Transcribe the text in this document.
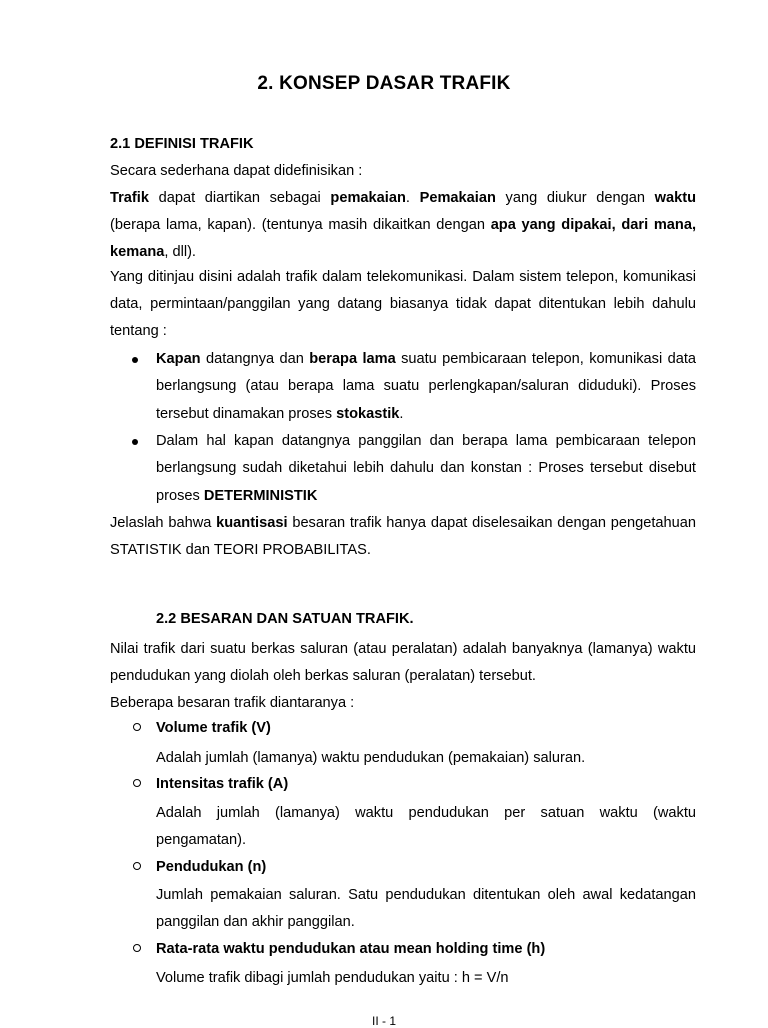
2. KONSEP DASAR TRAFIK
2.1 DEFINISI TRAFIK
Secara sederhana dapat didefinisikan :
Trafik dapat diartikan sebagai pemakaian. Pemakaian yang diukur dengan waktu (berapa lama, kapan). (tentunya masih dikaitkan dengan apa yang dipakai, dari mana, kemana, dll).
Yang ditinjau disini adalah trafik dalam telekomunikasi. Dalam sistem telepon, komunikasi data, permintaan/panggilan yang datang biasanya tidak dapat ditentukan lebih dahulu tentang :
Kapan datangnya dan berapa lama suatu pembicaraan telepon, komunikasi data berlangsung (atau berapa lama suatu perlengkapan/saluran diduduki). Proses tersebut dinamakan proses stokastik.
Dalam hal kapan datangnya panggilan dan berapa lama pembicaraan telepon berlangsung sudah diketahui lebih dahulu dan konstan : Proses tersebut disebut proses DETERMINISTIK
Jelaslah bahwa kuantisasi besaran trafik hanya dapat diselesaikan dengan pengetahuan STATISTIK dan TEORI PROBABILITAS.
2.2 BESARAN DAN SATUAN TRAFIK.
Nilai trafik dari suatu berkas saluran (atau peralatan) adalah banyaknya (lamanya) waktu pendudukan yang diolah oleh berkas saluran (peralatan) tersebut.
Beberapa besaran trafik diantaranya :
Volume trafik (V)
Adalah jumlah (lamanya) waktu pendudukan (pemakaian) saluran.
Intensitas trafik (A)
Adalah jumlah (lamanya) waktu pendudukan per satuan waktu (waktu pengamatan).
Pendudukan (n)
Jumlah pemakaian saluran. Satu pendudukan ditentukan oleh awal kedatangan panggilan dan akhir panggilan.
Rata-rata waktu pendudukan atau mean holding time (h)
Volume trafik dibagi jumlah pendudukan yaitu : h = V/n
II - 1
